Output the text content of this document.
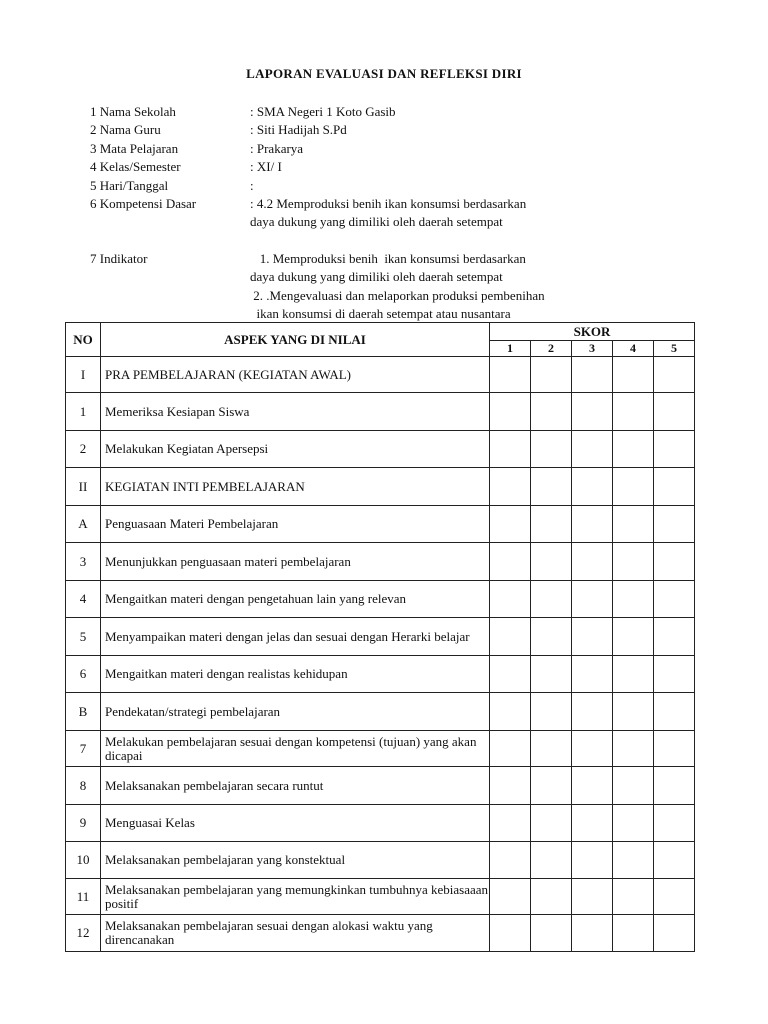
LAPORAN EVALUASI DAN REFLEKSI DIRI
1 Nama Sekolah	: SMA Negeri 1 Koto Gasib
2 Nama Guru	: Siti Hadijah S.Pd
3 Mata Pelajaran	: Prakarya
4 Kelas/Semester	: XI/ I
5 Hari/Tanggal	:
6 Kompetensi Dasar	: 4.2 Memproduksi benih ikan konsumsi berdasarkan
daya dukung yang dimiliki oleh daerah setempat
7 Indikator	1. Memproduksi benih  ikan konsumsi berdasarkan
daya dukung yang dimiliki oleh daerah setempat
2. .Mengevaluasi dan melaporkan produksi pembenihan
ikan konsumsi di daerah setempat atau nusantara
NO	ASPEK YANG DI NILAI	SKOR				
		1	2	3	4	5
I	PRA PEMBELAJARAN (KEGIATAN AWAL)					
1	Memeriksa Kesiapan Siswa					
2	Melakukan Kegiatan Apersepsi					
II	KEGIATAN INTI PEMBELAJARAN					
A	Penguasaan Materi Pembelajaran					
3	Menunjukkan penguasaan materi pembelajaran					
4	Mengaitkan materi dengan pengetahuan lain yang relevan					
5	Menyampaikan materi dengan jelas dan sesuai dengan Herarki belajar					
6	Mengaitkan materi dengan realistas kehidupan					
B	Pendekatan/strategi pembelajaran					
7	Melakukan pembelajaran sesuai dengan kompetensi (tujuan) yang akan dicapai					
8	Melaksanakan pembelajaran secara runtut					
9	Menguasai Kelas					
10	Melaksanakan pembelajaran yang konstektual					
11	Melaksanakan pembelajaran yang memungkinkan tumbuhnya kebiasaaan positif					
12	Melaksanakan pembelajaran sesuai dengan alokasi waktu yang direncanakan					
